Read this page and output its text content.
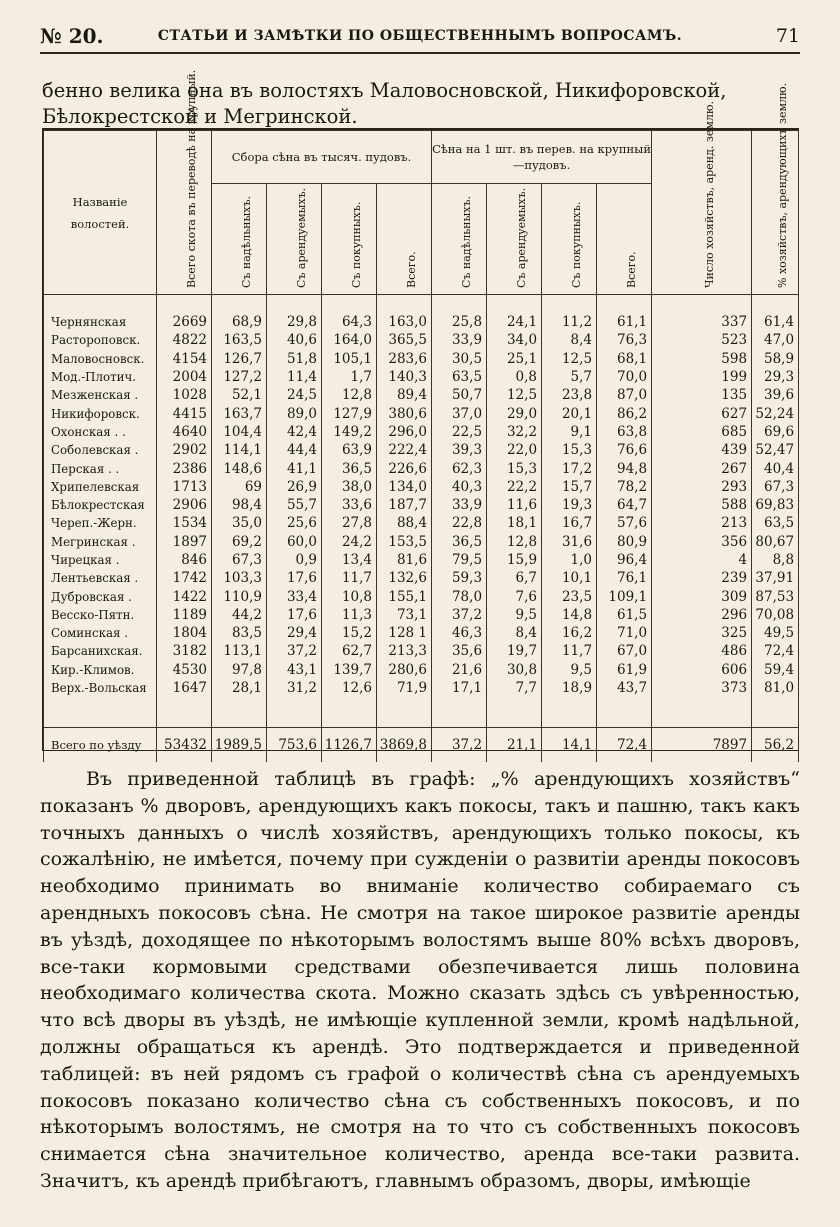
№ 20.	СТАТЬИ И ЗАМѢТКИ ПО ОБЩЕСТВЕННЫМЪ ВОПРОСАМЪ.	71

бенно велика она въ волостяхъ Маловосновской, Никифоровской, Бѣлокрестской и Мегринской.

Названіе
волостей.	Всего скота въ переводѣ на крупный.	Сбора сѣна въ тысяч. пудовъ.				Сѣна на 1 шт. въ перев. на крупный—пудовъ.				Число хозяйствъ, аренд. землю.	% хозяйствъ, арендующихъ землю.

		Съ надѣльныхъ.	Съ арендуемыхъ.	Съ покупныхъ.	Всего.	Съ надѣльныхъ.	Съ арендуемыхъ.	Съ покупныхъ.	Всего.		

Чернянская	2669	68,9	29,8	64,3	163,0	25,8	24,1	11,2	61,1	337	61,4
Растороповск.	4822	163,5	40,6	164,0	365,5	33,9	34,0	8,4	76,3	523	47,0
Маловосновск.	4154	126,7	51,8	105,1	283,6	30,5	25,1	12,5	68,1	598	58,9
Мод.-Плотич.	2004	127,2	11,4	1,7	140,3	63,5	0,8	5,7	70,0	199	29,3
Мезженская .	1028	52,1	24,5	12,8	89,4	50,7	12,5	23,8	87,0	135	39,6
Никифоровск.	4415	163,7	89,0	127,9	380,6	37,0	29,0	20,1	86,2	627	52,24
Охонская . .	4640	104,4	42,4	149,2	296,0	22,5	32,2	9,1	63,8	685	69,6
Соболевская .	2902	114,1	44,4	63,9	222,4	39,3	22,0	15,3	76,6	439	52,47
Перская . .	2386	148,6	41,1	36,5	226,6	62,3	15,3	17,2	94,8	267	40,4
Хрипелевская	1713	69	26,9	38,0	134,0	40,3	22,2	15,7	78,2	293	67,3
Бѣлокрестская	2906	98,4	55,7	33,6	187,7	33,9	11,6	19,3	64,7	588	69,83
Череп.-Жерн.	1534	35,0	25,6	27,8	88,4	22,8	18,1	16,7	57,6	213	63,5
Мегринская .	1897	69,2	60,0	24,2	153,5	36,5	12,8	31,6	80,9	356	80,67
Чирецкая .	846	67,3	0,9	13,4	81,6	79,5	15,9	1,0	96,4	4	8,8
Лентьевская .	1742	103,3	17,6	11,7	132,6	59,3	6,7	10,1	76,1	239	37,91
Дубровская .	1422	110,9	33,4	10,8	155,1	78,0	7,6	23,5	109,1	309	87,53
Весско-Пятн.	1189	44,2	17,6	11,3	73,1	37,2	9,5	14,8	61,5	296	70,08
Соминская .	1804	83,5	29,4	15,2	128 1	46,3	8,4	16,2	71,0	325	49,5
Барсанихская.	3182	113,1	37,2	62,7	213,3	35,6	19,7	11,7	67,0	486	72,4
Кир.-Климов.	4530	97,8	43,1	139,7	280,6	21,6	30,8	9,5	61,9	606	59,4
Верх.-Вольская	1647	28,1	31,2	12,6	71,9	17,1	7,7	18,9	43,7	373	81,0

Всего по уѣзду	53432	1989,5	753,6	1126,7	3869,8	37,2	21,1	14,1	72,4	7897	56,2

Въ приведенной таблицѣ въ графѣ: „% арендующихъ хозяйствъ“ показанъ % дворовъ, арендующихъ какъ покосы, такъ и пашню, такъ какъ точныхъ данныхъ о числѣ хозяйствъ, арендующихъ только покосы, къ сожалѣнію, не имѣется, почему при сужденіи о развитіи аренды покосовъ необходимо принимать во вниманіе количество собираемаго съ арендныхъ покосовъ сѣна. Не смотря на такое широкое развитіе аренды въ уѣздѣ, доходящее по нѣкоторымъ волостямъ выше 80% всѣхъ дворовъ, все-таки кормовыми средствами обезпечивается лишь половина необходимаго количества скота. Можно сказать здѣсь съ увѣренностью, что всѣ дворы въ уѣздѣ, не имѣющіе купленной земли, кромѣ надѣльной, должны обращаться къ арендѣ. Это подтверждается и приведенной таблицей: въ ней рядомъ съ графой о количествѣ сѣна съ арендуемыхъ покосовъ показано количество сѣна съ собственныхъ покосовъ, и по нѣкоторымъ волостямъ, не смотря на то что съ собственныхъ покосовъ снимается сѣна значительное количество, аренда все-таки развита. Значитъ, къ арендѣ прибѣгаютъ, главнымъ образомъ, дворы, имѣющіе
